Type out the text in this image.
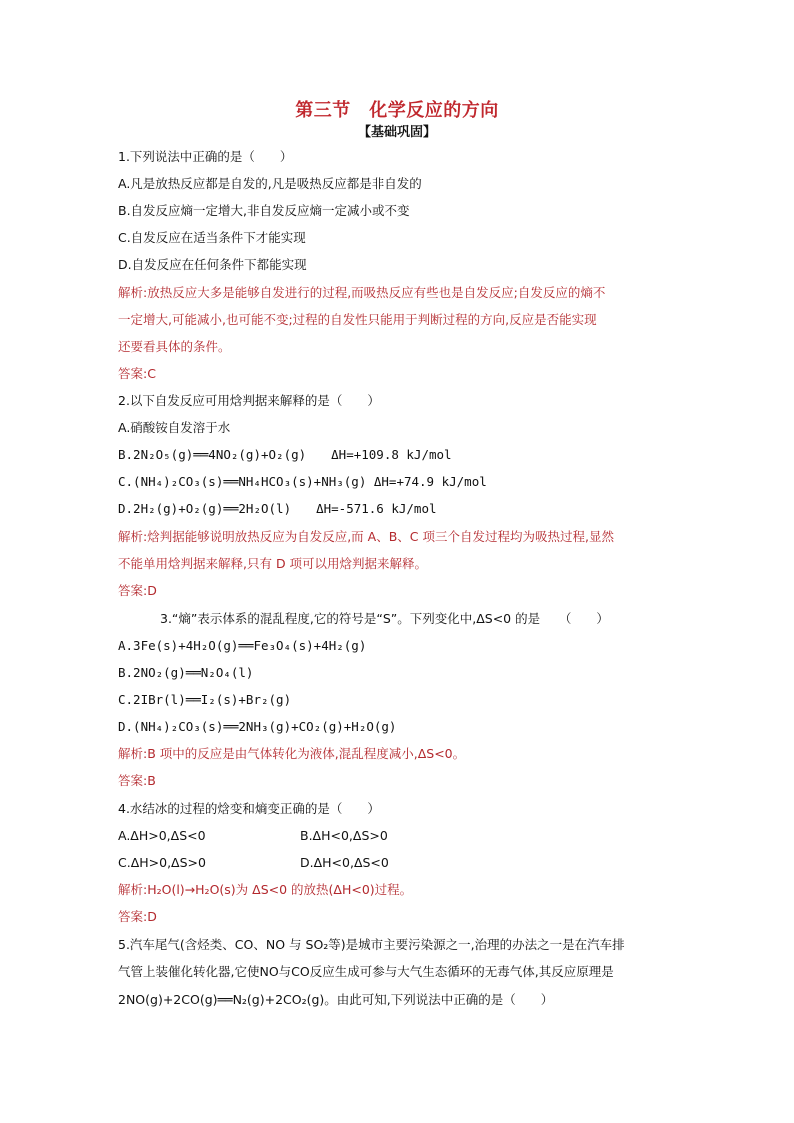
第三节　化学反应的方向
【基础巩固】
1.下列说法中正确的是（　　）
A.凡是放热反应都是自发的,凡是吸热反应都是非自发的
B.自发反应熵一定增大,非自发反应熵一定减小或不变
C.自发反应在适当条件下才能实现
D.自发反应在任何条件下都能实现
解析:放热反应大多是能够自发进行的过程,而吸热反应有些也是自发反应;自发反应的熵不
一定增大,可能减小,也可能不变;过程的自发性只能用于判断过程的方向,反应是否能实现
还要看具体的条件。
答案:C
2.以下自发反应可用焓判据来解释的是（　　）
A.硝酸铵自发溶于水
B.2N₂O₅(g)══4NO₂(g)+O₂(g)　　ΔH=+109.8 kJ/mol
C.(NH₄)₂CO₃(s)══NH₄HCO₃(s)+NH₃(g) ΔH=+74.9 kJ/mol
D.2H₂(g)+O₂(g)══2H₂O(l)　　ΔH=-571.6 kJ/mol
解析:焓判据能够说明放热反应为自发反应,而 A、B、C 项三个自发过程均为吸热过程,显然
不能单用焓判据来解释,只有 D 项可以用焓判据来解释。
答案:D
3.“熵”表示体系的混乱程度,它的符号是“S”。下列变化中,ΔS<0 的是　　（　　）
A.3Fe(s)+4H₂O(g)══Fe₃O₄(s)+4H₂(g)
B.2NO₂(g)══N₂O₄(l)
C.2IBr(l)══I₂(s)+Br₂(g)
D.(NH₄)₂CO₃(s)══2NH₃(g)+CO₂(g)+H₂O(g)
解析:B 项中的反应是由气体转化为液体,混乱程度减小,ΔS<0。
答案:B
4.水结冰的过程的焓变和熵变正确的是（　　）
A.ΔH>0,ΔS<0	B.ΔH<0,ΔS>0
C.ΔH>0,ΔS>0	D.ΔH<0,ΔS<0
解析:H₂O(l)→H₂O(s)为 ΔS<0 的放热(ΔH<0)过程。
答案:D
5.汽车尾气(含烃类、CO、NO 与 SO₂等)是城市主要污染源之一,治理的办法之一是在汽车排
气管上装催化转化器,它使NO与CO反应生成可参与大气生态循环的无毒气体,其反应原理是
2NO(g)+2CO(g)══N₂(g)+2CO₂(g)。由此可知,下列说法中正确的是（　　）
